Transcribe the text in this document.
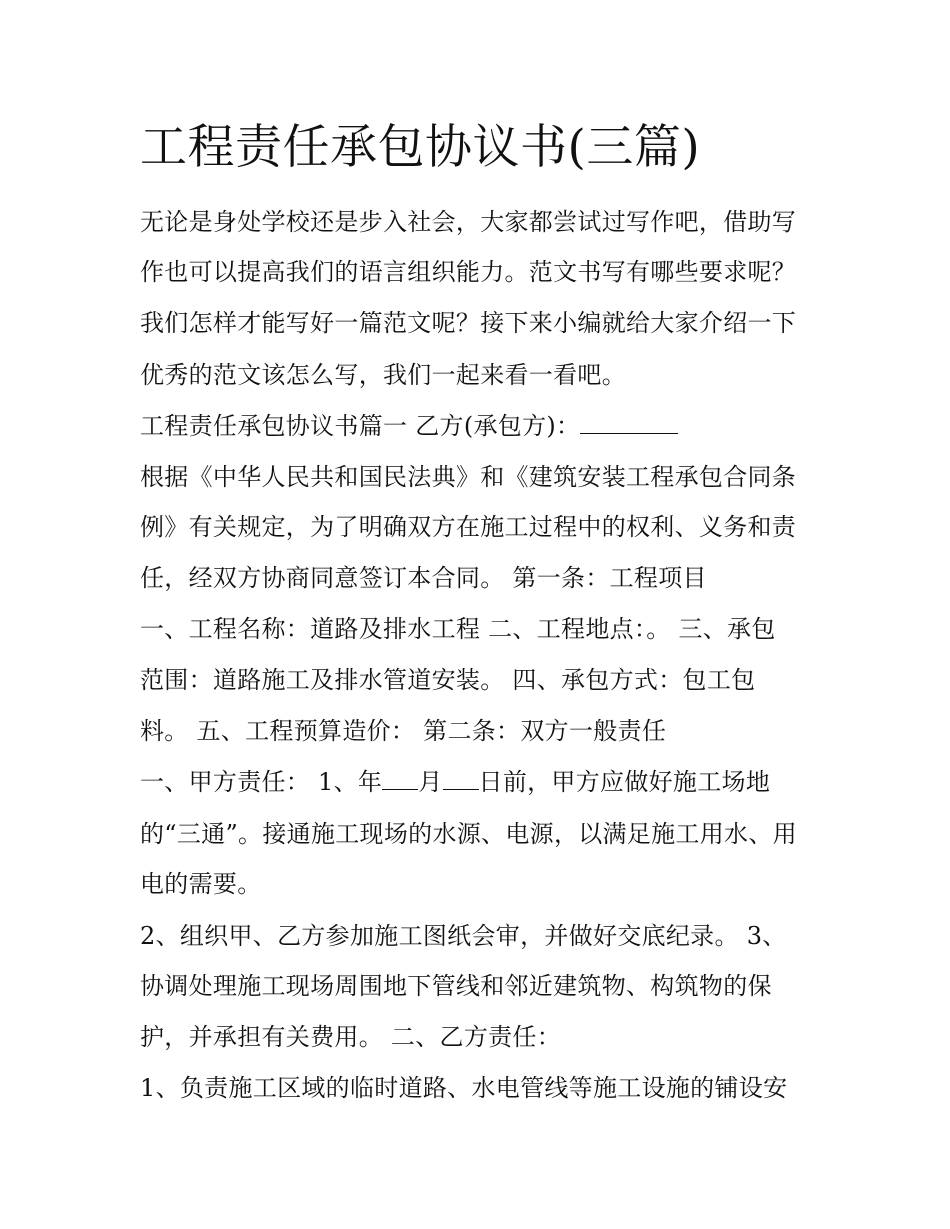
工程责任承包协议书(三篇)
无论是身处学校还是步入社会，大家都尝试过写作吧，借助写
作也可以提高我们的语言组织能力。范文书写有哪些要求呢？
我们怎样才能写好一篇范文呢？接下来小编就给大家介绍一下
优秀的范文该怎么写，我们一起来看一看吧。
工程责任承包协议书篇一 乙方(承包方)：
根据《中华人民共和国民法典》和《建筑安装工程承包合同条
例》有关规定，为了明确双方在施工过程中的权利、义务和责
任，经双方协商同意签订本合同。 第一条：工程项目
一、工程名称：道路及排水工程 二、工程地点：。 三、承包
范围：道路施工及排水管道安装。 四、承包方式：包工包
料。 五、工程预算造价： 第二条：双方一般责任
一、甲方责任： 1、年 月 日前，甲方应做好施工场地
的“三通”。接通施工现场的水源、电源，以满足施工用水、用
电的需要。
2、组织甲、乙方参加施工图纸会审，并做好交底纪录。 3、
协调处理施工现场周围地下管线和邻近建筑物、构筑物的保
护，并承担有关费用。 二、乙方责任：
1、负责施工区域的临时道路、水电管线等施工设施的铺设安
